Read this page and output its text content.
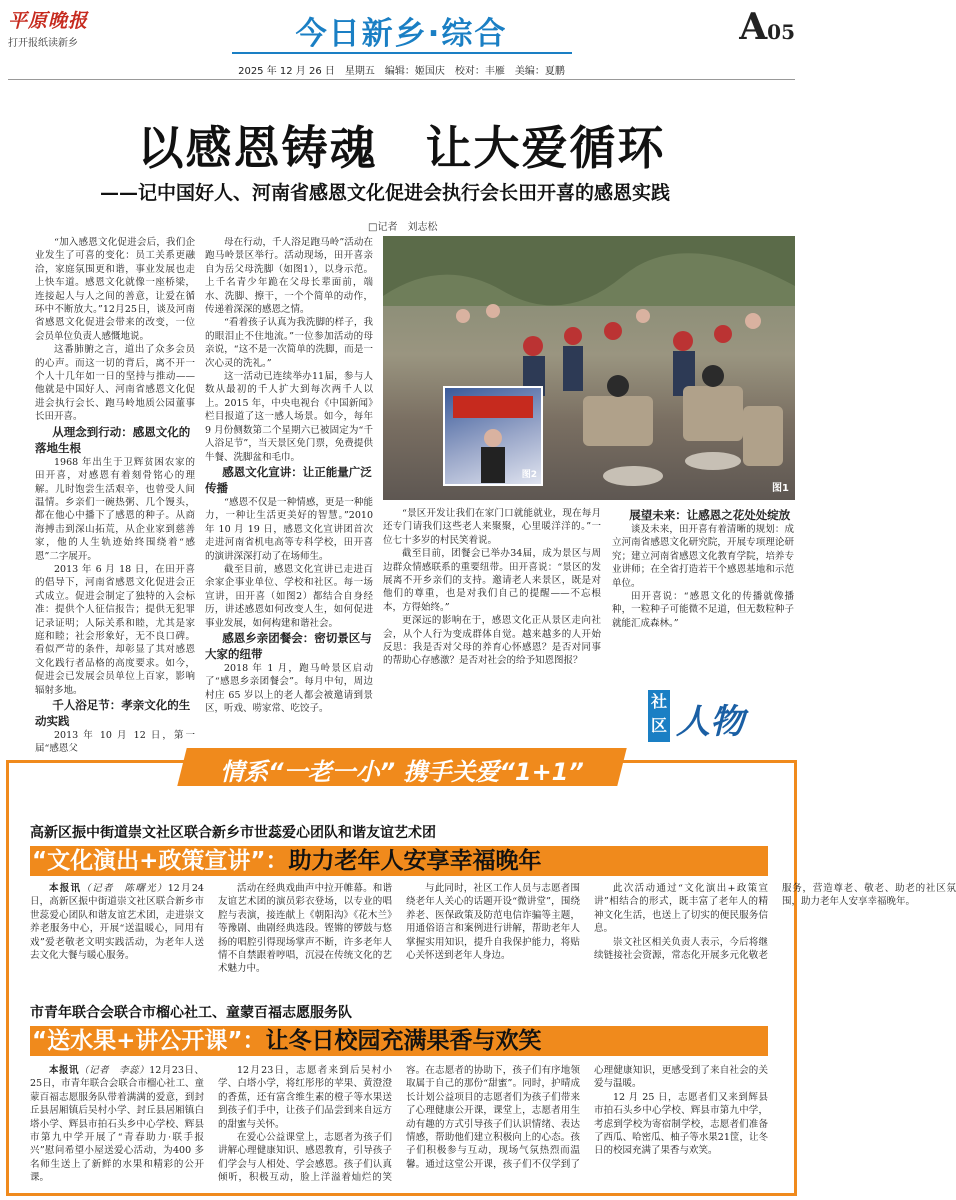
平原晚报
打开报纸读新乡	今日新乡·综合	A05
2025 年 12 月 26 日　星期五　编辑：姬国庆　校对：丰雁　美编：夏鹏
以感恩铸魂　让大爱循环
——记中国好人、河南省感恩文化促进会执行会长田开喜的感恩实践
□记者　刘志松

“加入感恩文化促进会后，我们企业发生了可喜的变化：员工关系更融洽，家庭氛围更和谐，事业发展也走上快车道。感恩文化就像一座桥梁，连接起人与人之间的善意，让爱在循环中不断放大。”12月25日，谈及河南省感恩文化促进会带来的改变，一位会员单位负责人感慨地说。

这番肺腑之言，道出了众多会员的心声。而这一切的背后，离不开一个人十几年如一日的坚持与推动——他就是中国好人、河南省感恩文化促进会执行会长、跑马岭地质公园董事长田开喜。

从理念到行动：感恩文化的落地生根

1968 年出生于卫辉贫困农家的田开喜，对感恩有着刻骨铭心的理解。儿时饱尝生活艰辛，也曾受人间温情。乡亲们一碗热粥、几个馒头，都在他心中播下了感恩的种子。从商海搏击到深山拓荒，从企业家到慈善家，他的人生轨迹始终围绕着“感恩”二字展开。

2013 年 6 月 18 日，在田开喜的倡导下，河南省感恩文化促进会正式成立。促进会制定了独特的入会标准：提供个人征信报告；提供无犯罪记录证明；人际关系和睦，尤其是家庭和睦；社会形象好，无不良口碑。看似严苛的条件，却彰显了其对感恩文化践行者品格的高度要求。如今，促进会已发展会员单位上百家，影响辐射多地。

千人浴足节：孝亲文化的生动实践

2013 年 10 月 12 日，第一届“感恩父

母在行动，千人浴足跑马岭”活动在跑马岭景区举行。活动现场，田开喜亲自为岳父母洗脚（如图1），以身示范。上千名青少年跪在父母长辈面前，端水、洗脚、擦干，一个个简单的动作，传递着深深的感恩之情。

“看着孩子认真为我洗脚的样子，我的眼泪止不住地流。”一位参加活动的母亲说，“这不是一次简单的洗脚，而是一次心灵的洗礼。”

这一活动已连续举办11届，参与人数从最初的千人扩大到每次两千人以上。2015 年，中央电视台《中国新闻》栏目报道了这一感人场景。如今，每年 9 月份侧数第二个星期六已被固定为“千人浴足节”，当天景区免门票，免费提供牛餐、洗脚盆和毛巾。

感恩文化宣讲：让正能量广泛传播

“感恩不仅是一种情感，更是一种能力，一种让生活更美好的智慧。”2010 年 10 月 19 日，感恩文化宣讲团首次走进河南省机电高等专科学校，田开喜的演讲深深打动了在场师生。

截至目前，感恩文化宣讲已走进百余家企事业单位、学校和社区。每一场宣讲，田开喜（如图2）都结合自身经历，讲述感恩如何改变人生，如何促进事业发展，如何构建和谐社会。

感恩乡亲团餐会：密切景区与大家的纽带

2018 年 1 月，跑马岭景区启动了“感恩乡亲团餐会”。每月中旬，周边村庄 65 岁以上的老人都会被邀请到景区，听戏、唠家常、吃饺子。

图1
图2

“景区开发让我们在家门口就能就业，现在每月还专门请我们这些老人来聚聚，心里暖洋洋的。”一位七十多岁的村民笑着说。

截至目前，团餐会已举办34届，成为景区与周边群众情感联系的重要纽带。田开喜说：“景区的发展离不开乡亲们的支持。邀请老人来景区，既是对他们的尊重，也是对我们自己的提醒——不忘根本，方得始终。”

更深远的影响在于，感恩文化正从景区走向社会，从个人行为变成群体自觉。越来越多的人开始反思：我是否对父母的养育心怀感恩？是否对同事的帮助心存感激？是否对社会的给予知恩图报？

展望未来：让感恩之花处处绽放

谈及未来，田开喜有着清晰的规划：成立河南省感恩文化研究院，开展专项理论研究；建立河南省感恩文化教育学院，培养专业讲师；在全省打造若干个感恩基地和示范单位。

田开喜说：“感恩文化的传播就像播种，一粒种子可能微不足道，但无数粒种子就能汇成森林。”

社
区 人物
情系“一老一小” 携手关爱“1+1”
高新区振中街道崇文社区联合新乡市世蕊爱心团队和谐友谊艺术团
“文化演出+政策宣讲”：助力老年人安享幸福晚年

本报讯（记者　陈曙光）12月24日，高新区振中街道崇文社区联合新乡市世蕊爱心团队和谐友谊艺术团，走进崇文养老服务中心，开展“送温暖心，同用有戏”爱老敬老文明实践活动，为老年人送去文化大餐与暖心服务。

活动在经典戏曲声中拉开帷幕。和谐友谊艺术团的演员彩衣登场，以专业的唱腔与表演，接连献上《朝阳沟》《花木兰》等豫剧、曲剧经典选段。铿锵的锣鼓与悠扬的唱腔引得现场掌声不断，许多老年人情不自禁跟着哼唱，沉浸在传统文化的艺术魅力中。

与此同时，社区工作人员与志愿者围绕老年人关心的话题开设“微讲堂”，围绕养老、医保政策及防范电信诈骗等主题，用通俗语言和案例进行讲解，帮助老年人掌握实用知识，提升自我保护能力，将贴心关怀送到老年人身边。

此次活动通过“文化演出+政策宣讲”相结合的形式，既丰富了老年人的精神文化生活，也送上了切实的便民服务信息。

崇文社区相关负责人表示，今后将继续链接社会资源，常态化开展多元化敬老服务，营造尊老、敬老、助老的社区氛围，助力老年人安享幸福晚年。

市青年联合会联合市榴心社工、童蒙百福志愿服务队
“送水果+讲公开课”：让冬日校园充满果香与欢笑

本报讯（记者　李蕊）12月23日、25日，市青年联合会联合市榴心社工、童蒙百福志愿服务队带着满满的爱意，到封丘县居厢镇后吴村小学、封丘县居厢镇白塔小学、辉县市拍石头乡中心学校、辉县市第九中学开展了“青春助力·联手报兴”慰问希望小屋送爱心活动，为400 多名师生送上了新鲜的水果和精彩的公开课。

12月23日，志愿者来到后吴村小学、白塔小学，将红彤彤的苹果、黄澄澄的香蕉，还有富含维生素的橙子等水果送到孩子们手中，让孩子们品尝到来自远方的甜蜜与关怀。

在爱心公益课堂上，志愿者为孩子们讲解心理健康知识、感恩教育，引导孩子们学会与人相处、学会感恩。孩子们认真倾听，积极互动，脸上洋溢着灿烂的笑容。在志愿者的协助下，孩子们有序地领取属于自己的那份“甜蜜”。同时，护晴成长计划公益项目的志愿者们为孩子们带来了心理健康公开课，课堂上，志愿者用生动有趣的方式引导孩子们认识情绪、表达情感，帮助他们建立积极向上的心态。孩子们积极参与互动，现场气氛热烈而温馨。通过这堂公开课，孩子们不仅学到了心理健康知识，更感受到了来自社会的关爱与温暖。

12 月 25 日，志愿者们又来到辉县市拍石头乡中心学校、辉县市第九中学，考虑到学校为寄宿制学校，志愿者们准备了西瓜、哈密瓜、柚子等水果21筐，让冬日的校园充满了果香与欢笑。
